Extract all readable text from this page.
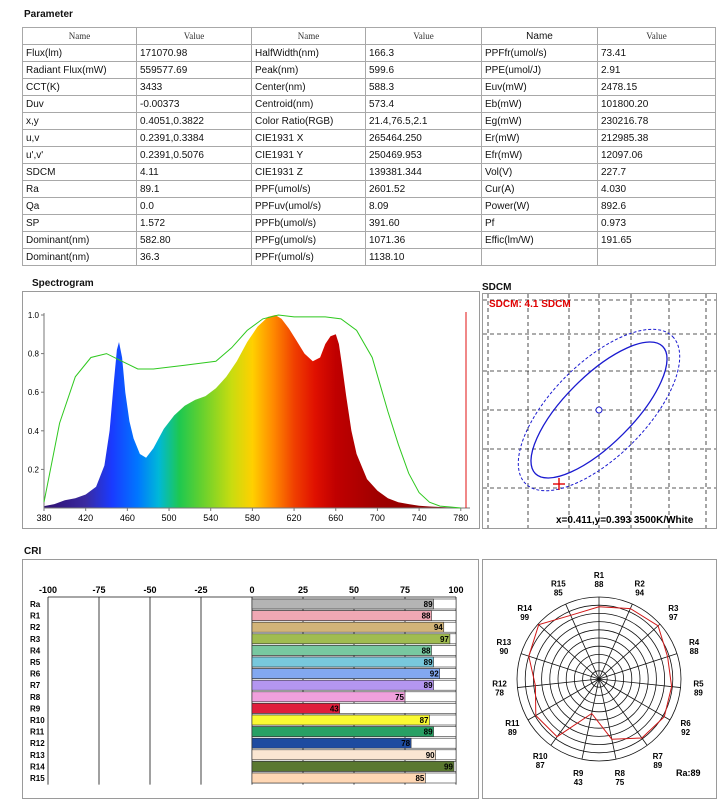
Parameter
Name	Value	Name	Value	Name	Value
Flux(lm)	171070.98	HalfWidth(nm)	166.3	PPFfr(umol/s)	73.41
Radiant Flux(mW)	559577.69	Peak(nm)	599.6	PPE(umol/J)	2.91
CCT(K)	3433	Center(nm)	588.3	Euv(mW)	2478.15
Duv	-0.00373	Centroid(nm)	573.4	Eb(mW)	101800.20
x,y	0.4051,0.3822	Color Ratio(RGB)	21.4,76.5,2.1	Eg(mW)	230216.78
u,v	0.2391,0.3384	CIE1931 X	265464.250	Er(mW)	212985.38
u',v'	0.2391,0.5076	CIE1931 Y	250469.953	Efr(mW)	12097.06
SDCM	4.11	CIE1931 Z	139381.344	Vol(V)	227.7
Ra	89.1	PPF(umol/s)	2601.52	Cur(A)	4.030
Qa	0.0	PPFuv(umol/s)	8.09	Power(W)	892.6
SP	1.572	PPFb(umol/s)	391.60	Pf	0.973
Dominant(nm)	582.80	PPFg(umol/s)	1071.36	Effic(lm/W)	191.65
Dominant(nm)	36.3	PPFr(umol/s)	1138.10		
Spectrogram
380	420	460	500	540	580	620	660	700	740	780
0.2
0.4
0.6
0.8
1.0
SDCM
SDCM: 4.1 SDCM
x=0.411,y=0.393 3500K/White
CRI
-100	-75	-50	-25	0	25	50	75	100
Ra	89
R1	88
R2	94
R3	97
R4	88
R5	89
R6	92
R7	89
R8	75
R9	43
R10	87
R11	89
R12	78
R13	90
R14	99
R15	85
R1
88	R2
94
R3
97
R4
88
R5
89
R6
92
R7
89
R8
75
R9
43
R10
87
R11
89
R12
78
R13
90
R14
99
R15
85
Ra:89
